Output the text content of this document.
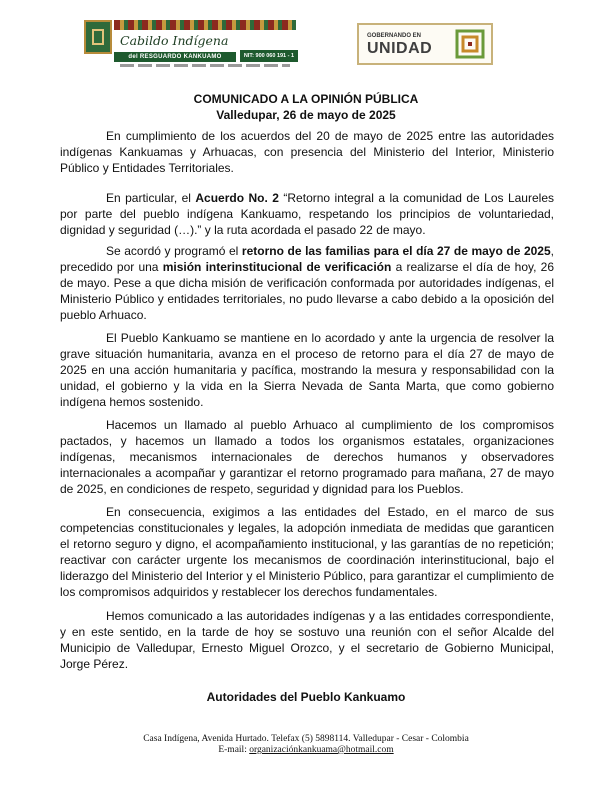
Cabildo Indígena
del RESGUARDO KANKUAMO	NIT: 900 060 191 - 1
GOBERNANDO EN
UNIDAD
COMUNICADO A LA OPINIÓN PÚBLICA
Valledupar, 26 de mayo de 2025

En cumplimiento de los acuerdos del 20 de mayo de 2025 entre las autoridades indígenas Kankuamas y Arhuacas, con presencia del Ministerio del Interior, Ministerio Público y Entidades Territoriales.

En particular, el Acuerdo No. 2 “Retorno integral a la comunidad de Los Laureles por parte del pueblo indígena Kankuamo, respetando los principios de voluntariedad, dignidad y seguridad (…).” y la ruta acordada el pasado 22 de mayo.

Se acordó y programó el retorno de las familias para el día 27 de mayo de 2025, precedido por una misión interinstitucional de verificación a realizarse el día de hoy, 26 de mayo. Pese a que dicha misión de verificación conformada por autoridades indígenas, el Ministerio Público y entidades territoriales, no pudo llevarse a cabo debido a la oposición del pueblo Arhuaco.

El Pueblo Kankuamo se mantiene en lo acordado y ante la urgencia de resolver la grave situación humanitaria, avanza en el proceso de retorno para el día 27 de mayo de 2025 en una acción humanitaria y pacífica, mostrando la mesura y responsabilidad con la unidad, el gobierno y la vida en la Sierra Nevada de Santa Marta, que como gobierno indígena hemos sostenido.

Hacemos un llamado al pueblo Arhuaco al cumplimiento de los compromisos pactados, y hacemos un llamado a todos los organismos estatales, organizaciones indígenas, mecanismos internacionales de derechos humanos y observadores internacionales a acompañar y garantizar el retorno programado para mañana, 27 de mayo de 2025, en condiciones de respeto, seguridad y dignidad para los Pueblos.

En consecuencia, exigimos a las entidades del Estado, en el marco de sus competencias constitucionales y legales, la adopción inmediata de medidas que garanticen el retorno seguro y digno, el acompañamiento institucional, y las garantías de no repetición; reactivar con carácter urgente los mecanismos de coordinación interinstitucional, bajo el liderazgo del Ministerio del Interior y el Ministerio Público, para garantizar el cumplimiento de los compromisos adquiridos y restablecer los derechos fundamentales.

Hemos comunicado a las autoridades indígenas y a las entidades correspondiente, y en este sentido, en la tarde de hoy se sostuvo una reunión con el señor Alcalde del Municipio de Valledupar, Ernesto Miguel Orozco, y el secretario de Gobierno Municipal, Jorge Pérez.

Autoridades del Pueblo Kankuamo
Casa Indígena, Avenida Hurtado. Telefax (5) 5898114. Valledupar - Cesar - Colombia
E-mail: organizaciónkankuama@hotmail.com
